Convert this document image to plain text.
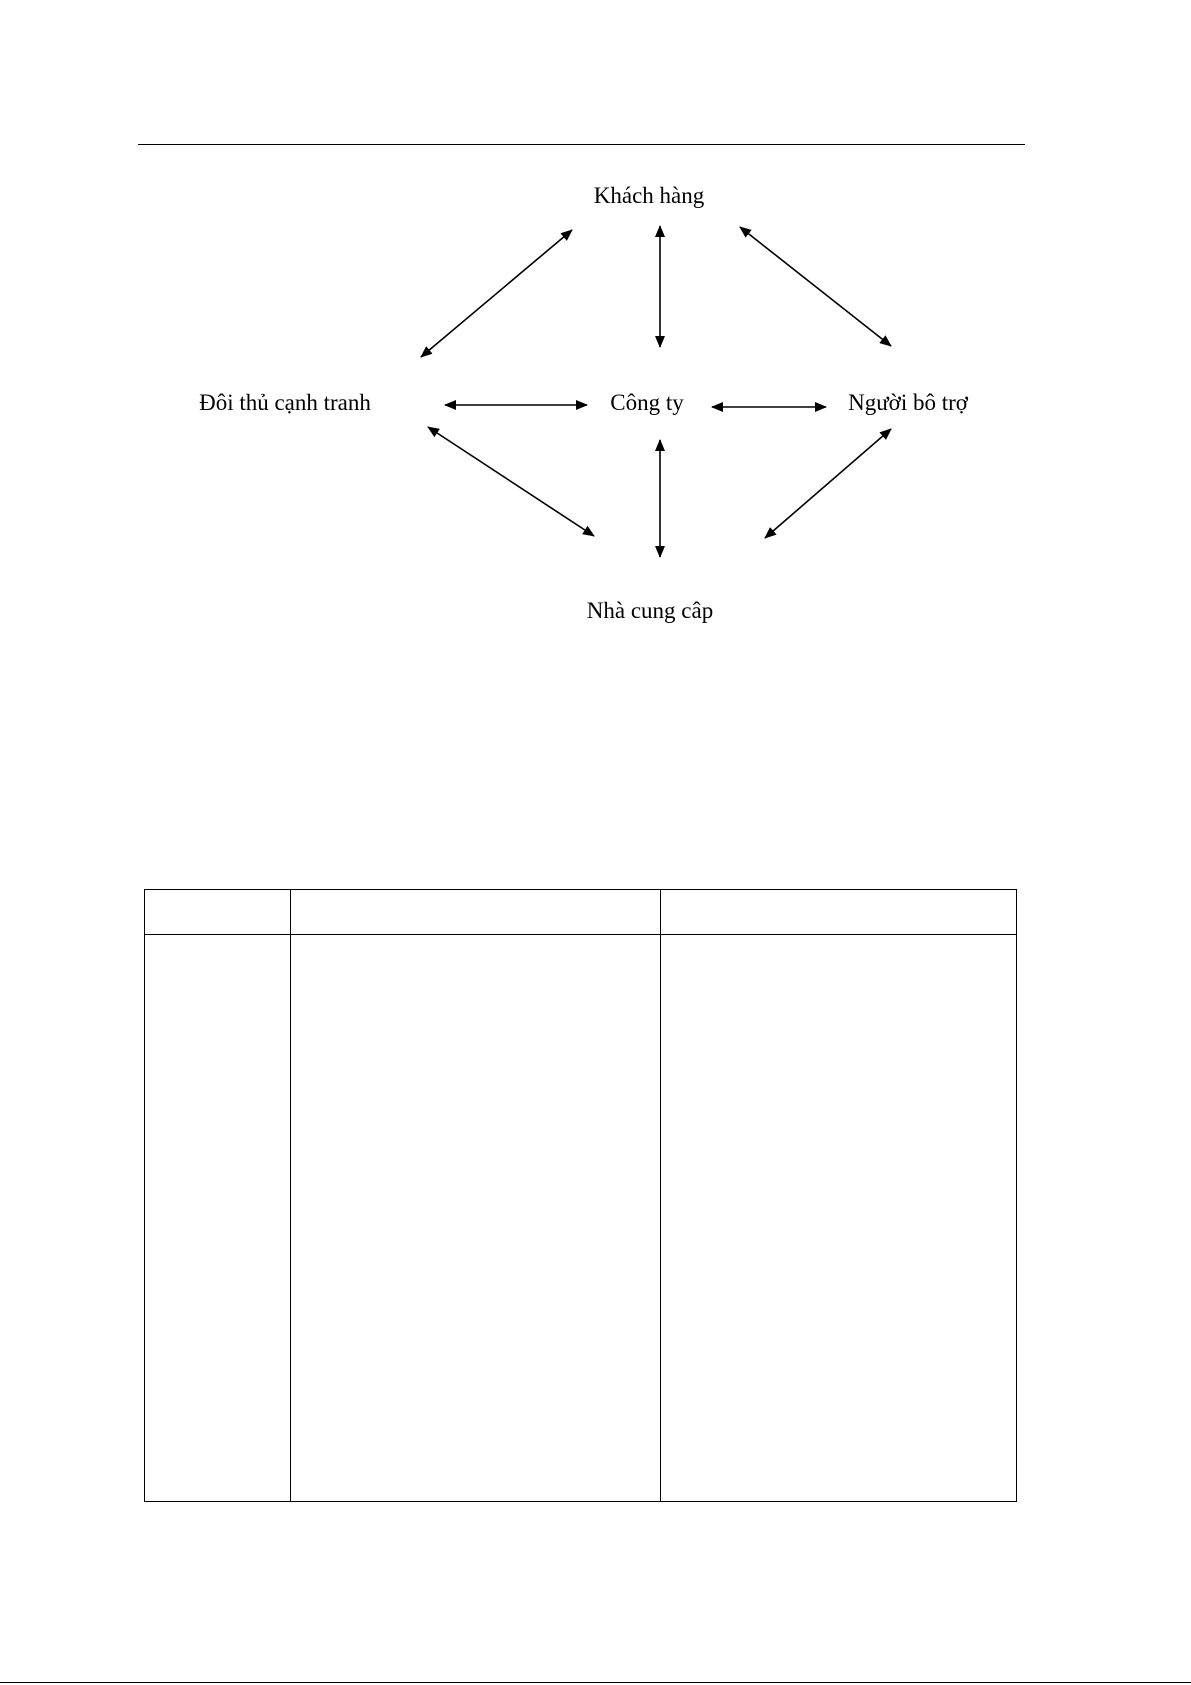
Khách hàng
Đôi thủ cạnh tranh	Công ty	Người bô trợ
Nhà cung câp
